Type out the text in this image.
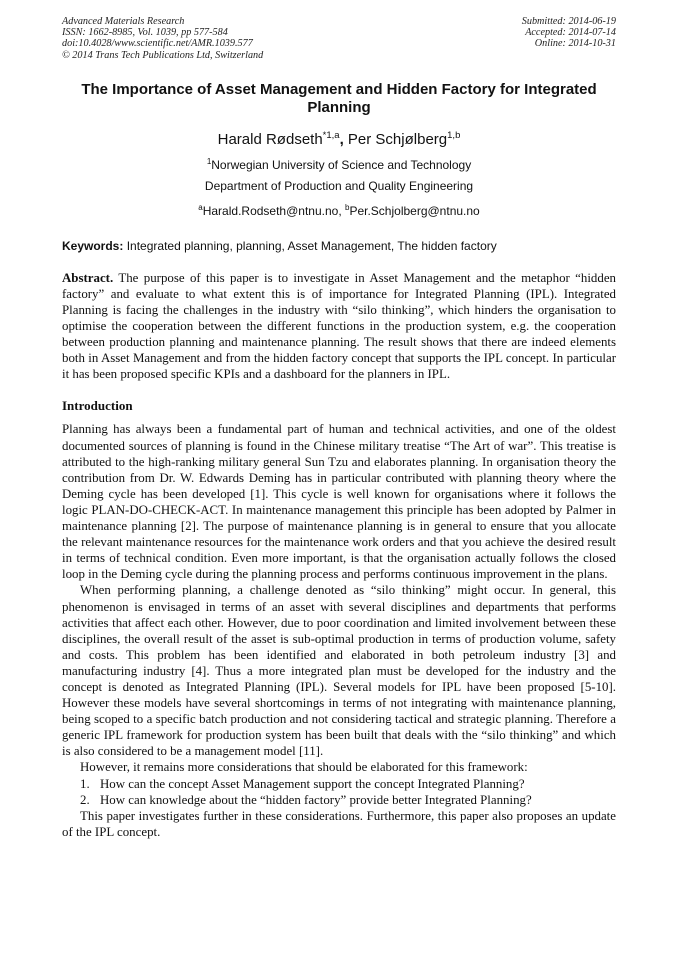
Advanced Materials Research
ISSN: 1662-8985, Vol. 1039, pp 577-584
doi:10.4028/www.scientific.net/AMR.1039.577
© 2014 Trans Tech Publications Ltd, Switzerland
Submitted: 2014-06-19
Accepted: 2014-07-14
Online: 2014-10-31
The Importance of Asset Management and Hidden Factory for Integrated Planning
Harald Rødseth$^{*1,a}$, Per Schjølberg$^{1,b}$
$^1$Norwegian University of Science and Technology
Department of Production and Quality Engineering
$^a$Harald.Rodseth@ntnu.no, $^b$Per.Schjolberg@ntnu.no
Keywords: Integrated planning, planning, Asset Management, The hidden factory
Abstract. The purpose of this paper is to investigate in Asset Management and the metaphor “hidden factory” and evaluate to what extent this is of importance for Integrated Planning (IPL). Integrated Planning is facing the challenges in the industry with “silo thinking”, which hinders the organisation to optimise the cooperation between the different functions in the production system, e.g. the cooperation between production planning and maintenance planning. The result shows that there are indeed elements both in Asset Management and from the hidden factory concept that supports the IPL concept. In particular it has been proposed specific KPIs and a dashboard for the planners in IPL.
Introduction

Planning has always been a fundamental part of human and technical activities, and one of the oldest documented sources of planning is found in the Chinese military treatise “The Art of war”. This treatise is attributed to the high-ranking military general Sun Tzu and elaborates planning. In organisation theory the contribution from Dr. W. Edwards Deming has in particular contributed with planning theory where the Deming cycle has been developed [1]. This cycle is well known for organisations where it follows the logic PLAN-DO-CHECK-ACT. In maintenance management this principle has been adopted by Palmer in maintenance planning [2]. The purpose of maintenance planning is in general to ensure that you allocate the relevant maintenance resources for the maintenance work orders and that you achieve the desired result in terms of technical condition. Even more important, is that the organisation actually follows the closed loop in the Deming cycle during the planning process and performs continuous improvement in the plans.

When performing planning, a challenge denoted as “silo thinking” might occur. In general, this phenomenon is envisaged in terms of an asset with several disciplines and departments that performs activities that affect each other. However, due to poor coordination and limited involvement between these disciplines, the overall result of the asset is sub-optimal production in terms of production volume, safety and costs. This problem has been identified and elaborated in both petroleum industry [3] and manufacturing industry [4]. Thus a more integrated plan must be developed for the industry and the concept is denoted as Integrated Planning (IPL). Several models for IPL have been proposed [5-10]. However these models have several shortcomings in terms of not integrating with maintenance planning, being scoped to a specific batch production and not considering tactical and strategic planning. Therefore a generic IPL framework for production system has been built that deals with the “silo thinking” and which is also considered to be a management model [11].

However, it remains more considerations that should be elaborated for this framework:

1. How can the concept Asset Management support the concept Integrated Planning?
2. How can knowledge about the “hidden factory” provide better Integrated Planning?

This paper investigates further in these considerations. Furthermore, this paper also proposes an update of the IPL concept.
